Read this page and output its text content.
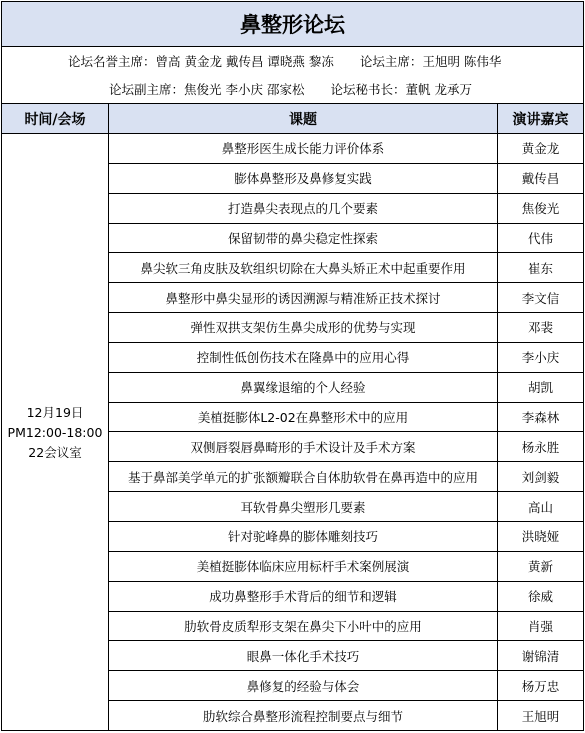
鼻整形论坛
论坛名誉主席： 曾高 黄金龙 戴传昌 谭晓燕 黎冻 论坛主席： 王旭明 陈伟华
论坛副主席： 焦俊光 李小庆 邵家松 论坛秘书长： 董帆 龙承万
时间/会场	课题	演讲嘉宾
12月19日
PM12:00-18:00
22会议室
鼻整形医生成长能力评价体系	黄金龙
膨体鼻整形及鼻修复实践	戴传昌
打造鼻尖表现点的几个要素	焦俊光
保留韧带的鼻尖稳定性探索	代伟
鼻尖软三角皮肤及软组织切除在大鼻头矫正术中起重要作用	崔东
鼻整形中鼻尖显形的诱因溯源与精准矫正技术探讨	李文信
弹性双拱支架仿生鼻尖成形的优势与实现	邓裴
控制性低创伤技术在隆鼻中的应用心得	李小庆
鼻翼缘退缩的个人经验	胡凯
美植挺膨体L2-02在鼻整形术中的应用	李森林
双侧唇裂唇鼻畸形的手术设计及手术方案	杨永胜
基于鼻部美学单元的扩张额瓣联合自体肋软骨在鼻再造中的应用	刘剑毅
耳软骨鼻尖塑形几要素	高山
针对驼峰鼻的膨体雕刻技巧	洪晓娅
美植挺膨体临床应用标杆手术案例展演	黄新
成功鼻整形手术背后的细节和逻辑	徐威
肋软骨皮质犁形支架在鼻尖下小叶中的应用	肖强
眼鼻一体化手术技巧	谢锦清
鼻修复的经验与体会	杨万忠
肋软综合鼻整形流程控制要点与细节	王旭明
